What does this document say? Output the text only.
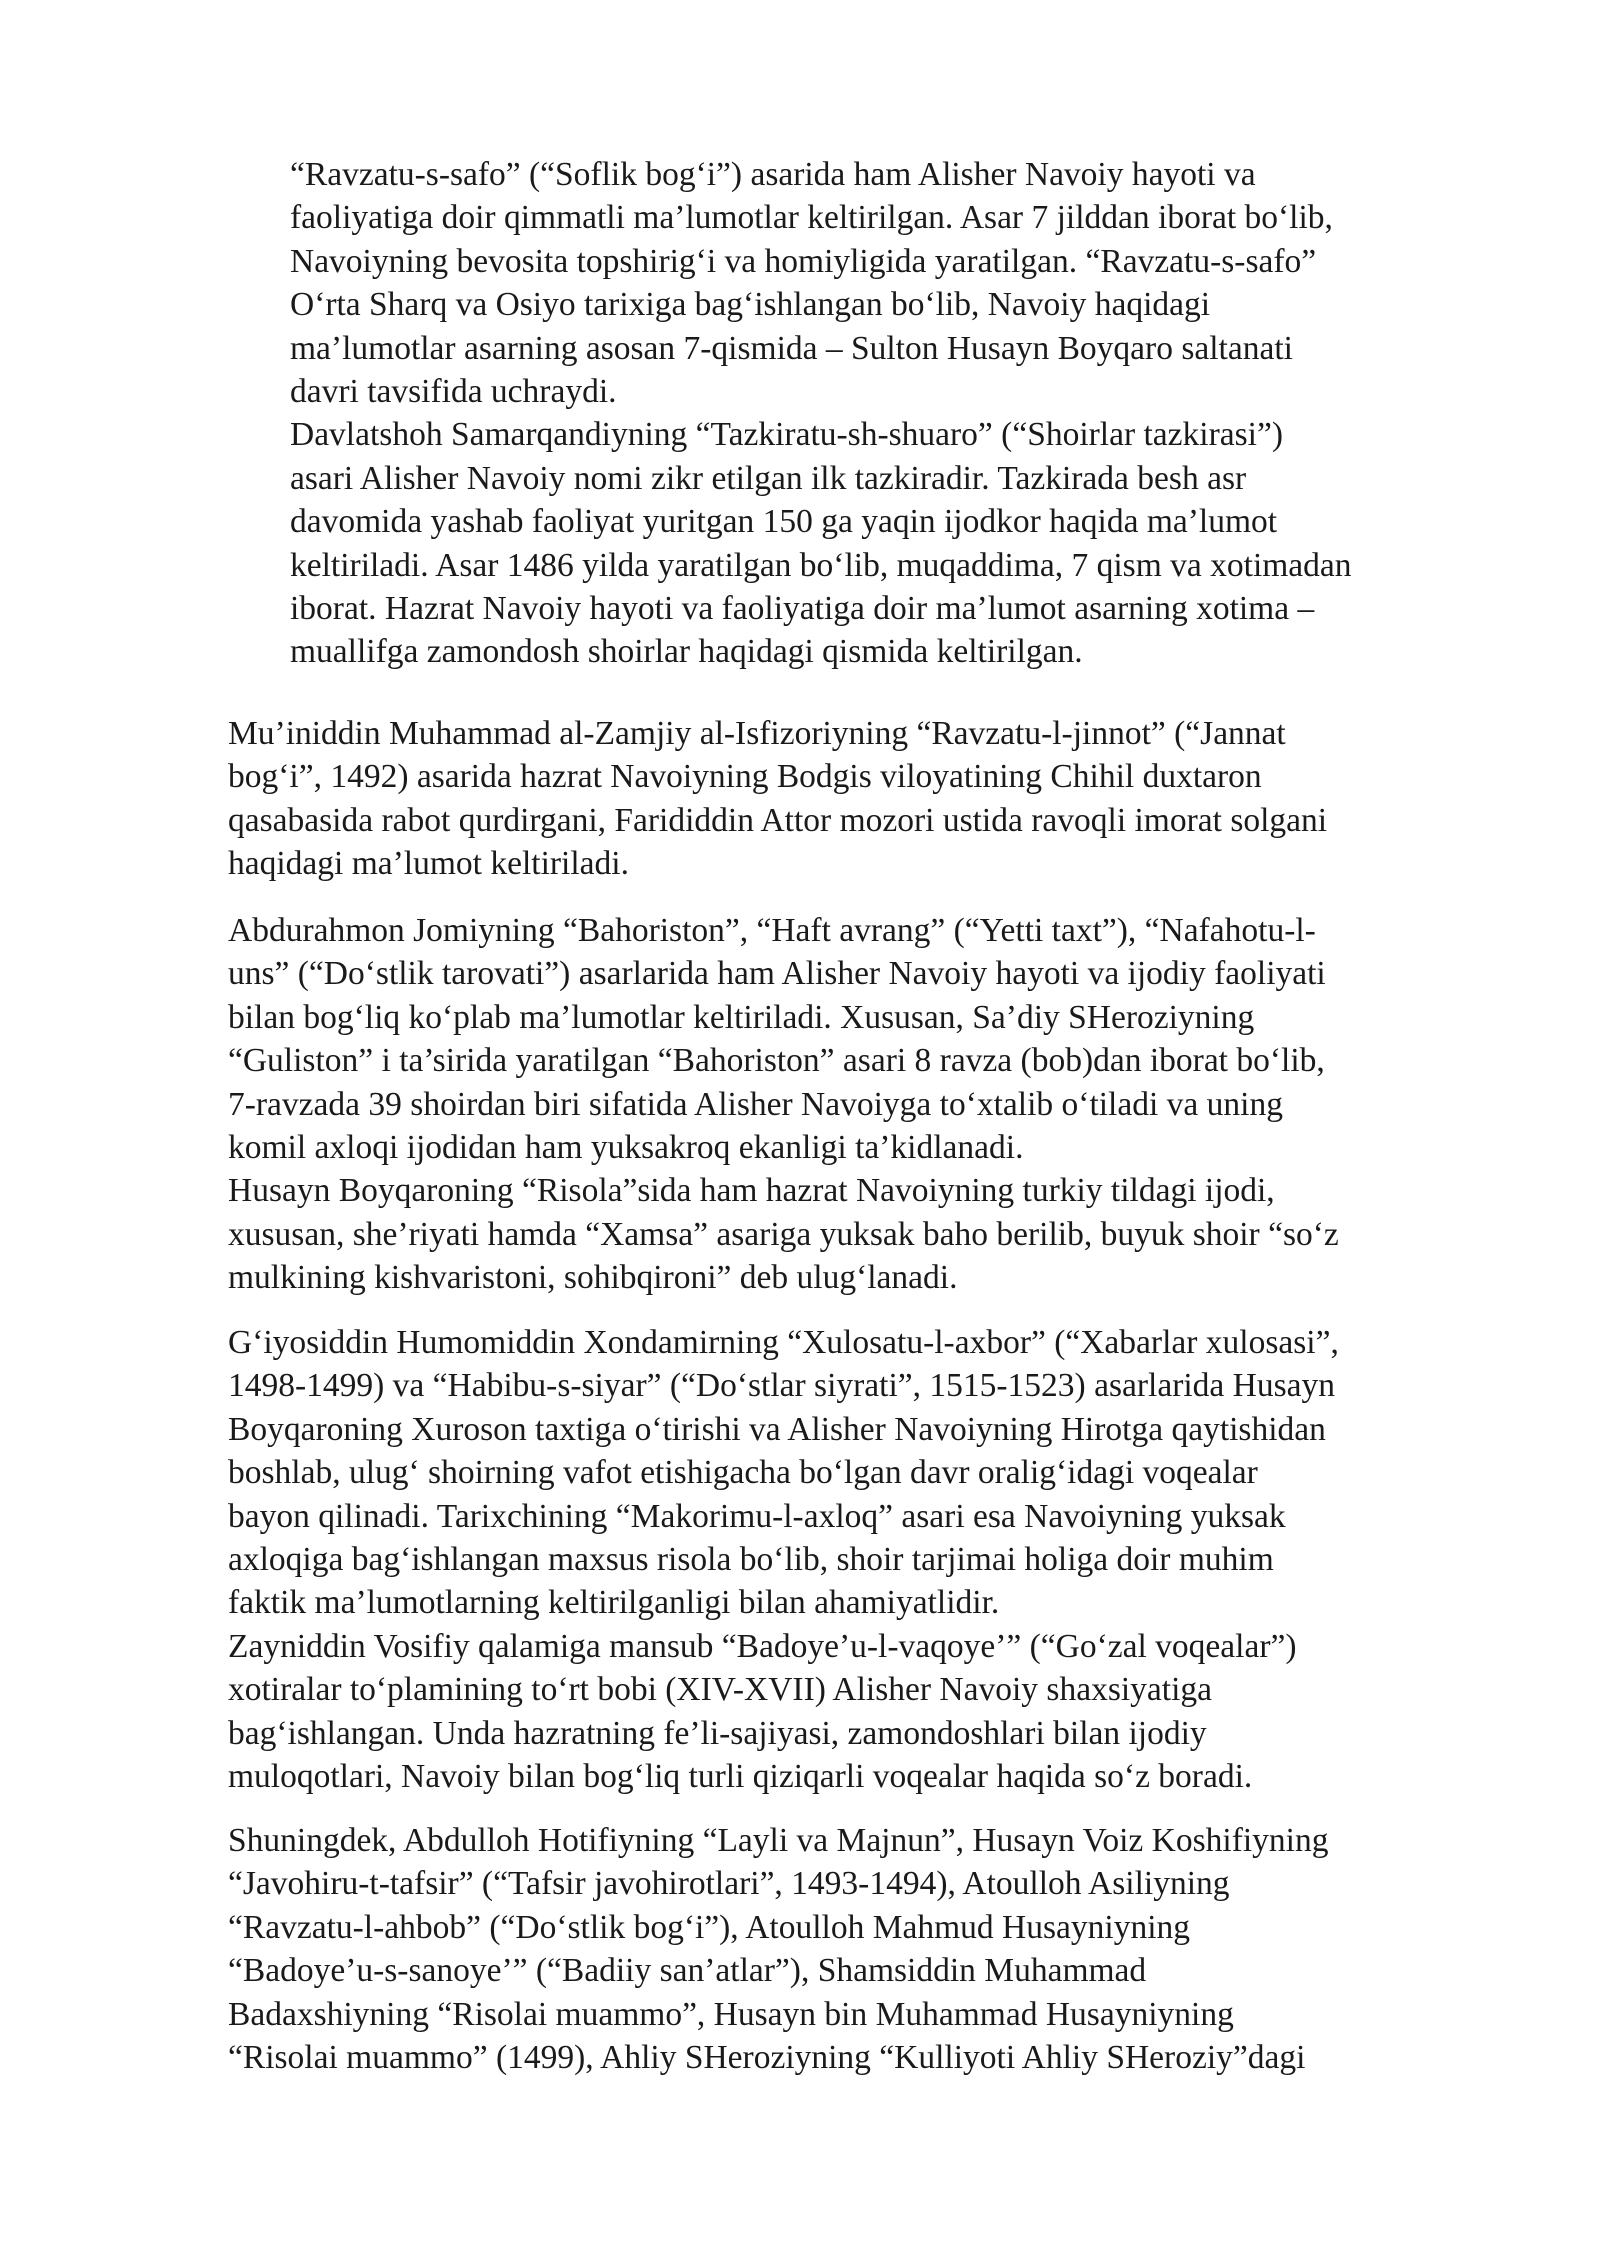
“Ravzatu-s-safo” (“Soflik bog‘i”) asarida ham Alisher Navoiy hayoti va
faoliyatiga doir qimmatli ma’lumotlar keltirilgan. Asar 7 jilddan iborat bo‘lib,
Navoiyning bevosita topshirig‘i va homiyligida yaratilgan. “Ravzatu-s-safo”
O‘rta Sharq va Osiyo tarixiga bag‘ishlangan bo‘lib, Navoiy haqidagi
ma’lumotlar asarning asosan 7-qismida – Sulton Husayn Boyqaro saltanati
davri tavsifida uchraydi.

Davlatshoh Samarqandiyning “Tazkiratu-sh-shuaro” (“Shoirlar tazkirasi”)
asari Alisher Navoiy nomi zikr etilgan ilk tazkiradir. Tazkirada besh asr
davomida yashab faoliyat yuritgan 150 ga yaqin ijodkor haqida ma’lumot
keltiriladi. Asar 1486 yilda yaratilgan bo‘lib, muqaddima, 7 qism va xotimadan
iborat. Hazrat Navoiy hayoti va faoliyatiga doir ma’lumot asarning xotima –
muallifga zamondosh shoirlar haqidagi qismida keltirilgan.

Mu’iniddin Muhammad al-Zamjiy al-Isfizoriyning “Ravzatu-l-jinnot” (“Jannat
bog‘i”, 1492) asarida hazrat Navoiyning Bodgis viloyatining Chihil duxtaron
qasabasida rabot qurdirgani, Farididdin Attor mozori ustida ravoqli imorat solgani
haqidagi ma’lumot keltiriladi.

Abdurahmon Jomiyning “Bahoriston”, “Haft avrang” (“Yetti taxt”), “Nafahotu-l-
uns” (“Do‘stlik tarovati”) asarlarida ham Alisher Navoiy hayoti va ijodiy faoliyati
bilan bog‘liq ko‘plab ma’lumotlar keltiriladi. Xususan, Sa’diy SHeroziyning
“Guliston” i ta’sirida yaratilgan “Bahoriston” asari 8 ravza (bob)dan iborat bo‘lib,
7-ravzada 39 shoirdan biri sifatida Alisher Navoiyga to‘xtalib o‘tiladi va uning
komil axloqi ijodidan ham yuksakroq ekanligi ta’kidlanadi.

Husayn Boyqaroning “Risola”sida ham hazrat Navoiyning turkiy tildagi ijodi,
xususan, she’riyati hamda “Xamsa” asariga yuksak baho berilib, buyuk shoir “so‘z
mulkining kishvaristoni, sohibqironi” deb ulug‘lanadi.

G‘iyosiddin Humomiddin Xondamirning “Xulosatu-l-axbor” (“Xabarlar xulosasi”,
1498-1499) va “Habibu-s-siyar” (“Do‘stlar siyrati”, 1515-1523) asarlarida Husayn
Boyqaroning Xuroson taxtiga o‘tirishi va Alisher Navoiyning Hirotga qaytishidan
boshlab, ulug‘ shoirning vafot etishigacha bo‘lgan davr oralig‘idagi voqealar
bayon qilinadi. Tarixchining “Makorimu-l-axloq” asari esa Navoiyning yuksak
axloqiga bag‘ishlangan maxsus risola bo‘lib, shoir tarjimai holiga doir muhim
faktik ma’lumotlarning keltirilganligi bilan ahamiyatlidir.

Zayniddin Vosifiy qalamiga mansub “Badoye’u-l-vaqoye’” (“Go‘zal voqealar”)
xotiralar to‘plamining to‘rt bobi (XIV-XVII) Alisher Navoiy shaxsiyatiga
bag‘ishlangan. Unda hazratning fe’li-sajiyasi, zamondoshlari bilan ijodiy
muloqotlari, Navoiy bilan bog‘liq turli qiziqarli voqealar haqida so‘z boradi.

Shuningdek, Abdulloh Hotifiyning “Layli va Majnun”, Husayn Voiz Koshifiyning
“Javohiru-t-tafsir” (“Tafsir javohirotlari”, 1493-1494), Atoulloh Asiliyning
“Ravzatu-l-ahbob” (“Do‘stlik bog‘i”), Atoulloh Mahmud Husayniyning
“Badoye’u-s-sanoye’” (“Badiiy san’atlar”), Shamsiddin Muhammad
Badaxshiyning “Risolai muammo”, Husayn bin Muhammad Husayniyning
“Risolai muammo” (1499), Ahliy SHeroziyning “Kulliyoti Ahliy SHeroziy”dagi
